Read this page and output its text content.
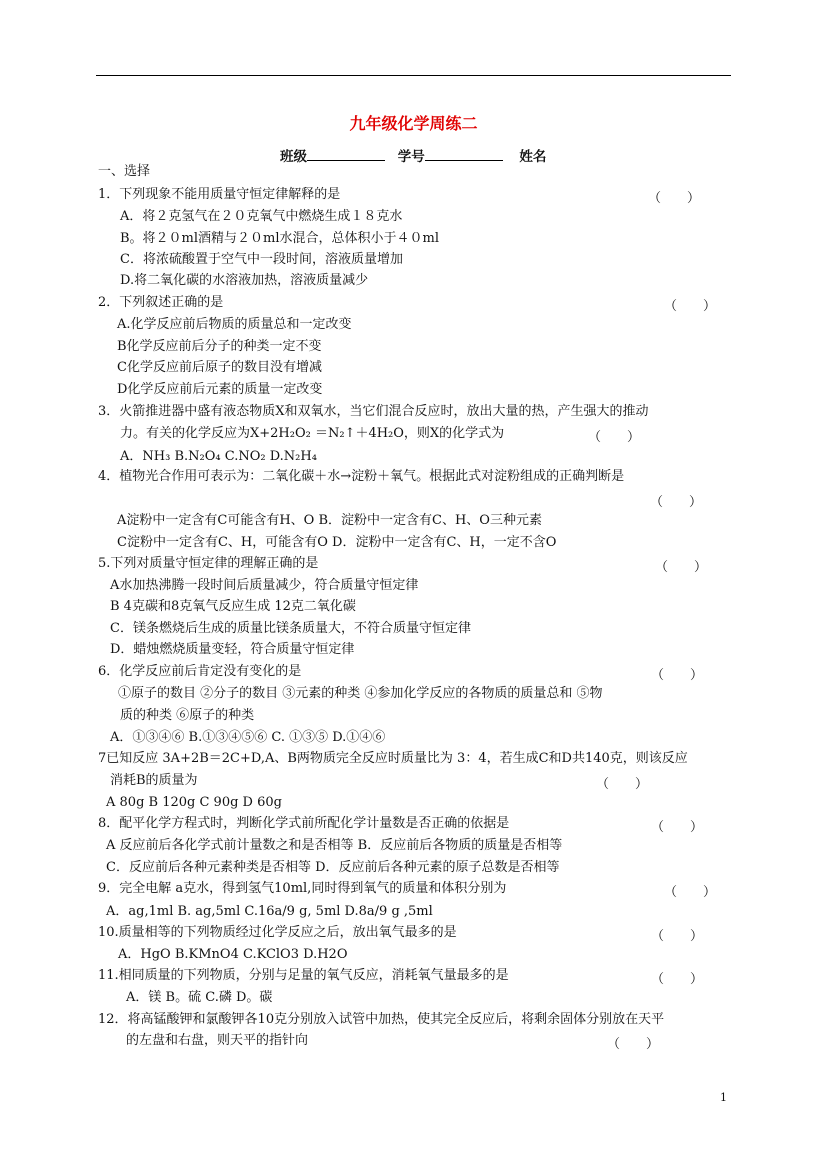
九年级化学周练二
班级	学号	姓名
一、选择
1．下列现象不能用质量守恒定律解释的是	（　　）
A．将２克氢气在２０克氧气中燃烧生成１８克水
B。将２０ml酒精与２０ml水混合，总体积小于４０ml
C．将浓硫酸置于空气中一段时间，溶液质量增加
D.将二氧化碳的水溶液加热，溶液质量减少
2．下列叙述正确的是	（　　）
A.化学反应前后物质的质量总和一定改变
B化学反应前后分子的种类一定不变
C化学反应前后原子的数目没有增减
D化学反应前后元素的质量一定改变
3．火箭推进器中盛有液态物质X和双氧水，当它们混合反应时，放出大量的热，产生强大的推动
力。有关的化学反应为X+2H₂O₂ ＝N₂↑＋4H₂O，则X的化学式为	（　　）
A．NH₃ B.N₂O₄ C.NO₂ D.N₂H₄
4．植物光合作用可表示为：二氧化碳＋水→淀粉＋氧气。根据此式对淀粉组成的正确判断是
（　　）
A淀粉中一定含有C可能含有H、O B．淀粉中一定含有C、H、O三种元素
C淀粉中一定含有C、H，可能含有O D．淀粉中一定含有C、H，一定不含O
5.下列对质量守恒定律的理解正确的是	（　　）
A水加热沸腾一段时间后质量减少，符合质量守恒定律
B 4克碳和8克氧气反应生成 12克二氧化碳
C．镁条燃烧后生成的质量比镁条质量大，不符合质量守恒定律
D．蜡烛燃烧质量变轻，符合质量守恒定律
6．化学反应前后肯定没有变化的是	（　　）
①原子的数目 ②分子的数目 ③元素的种类 ④参加化学反应的各物质的质量总和 ⑤物
质的种类 ⑥原子的种类
A．①③④⑥ B.①③④⑤⑥ C. ①③⑤ D.①④⑥
7已知反应 3A+2B＝2C+D,A、B两物质完全反应时质量比为 3：4，若生成C和D共140克，则该反应
消耗B的质量为	（　　）
A 80g B 120g C 90g D 60g
8．配平化学方程式时，判断化学式前所配化学计量数是否正确的依据是	（　　）
A 反应前后各化学式前计量数之和是否相等 B．反应前后各物质的质量是否相等
C．反应前后各种元素种类是否相等 D．反应前后各种元素的原子总数是否相等
9．完全电解 a克水，得到氢气10ml,同时得到氧气的质量和体积分别为	（　　）
A．ag,1ml B. ag,5ml C.16a/9 g, 5ml D.8a/9 g ,5ml
10.质量相等的下列物质经过化学反应之后，放出氧气最多的是	（　　）
A．HgO B.KMnO4 C.KClO3 D.H2O
11.相同质量的下列物质，分别与足量的氧气反应，消耗氧气量最多的是	（　　）
A．镁 B。硫 C.磷 D。碳
12．将高锰酸钾和氯酸钾各10克分别放入试管中加热，使其完全反应后，将剩余固体分别放在天平
的左盘和右盘，则天平的指针向	（　　）
1
